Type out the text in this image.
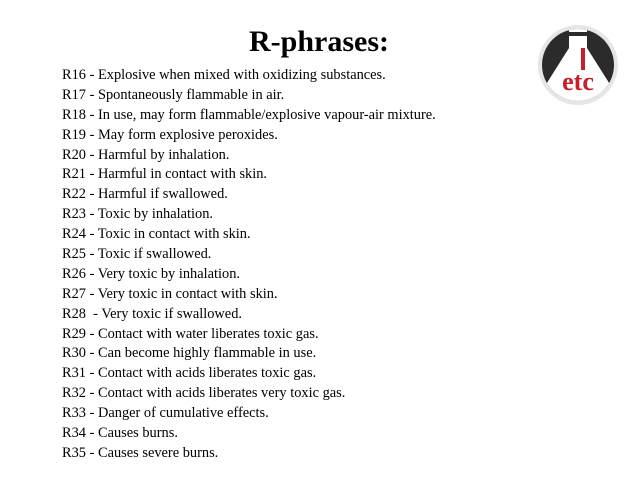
R-phrases:
R16 - Explosive when mixed with oxidizing substances.
R17 - Spontaneously flammable in air.
R18 - In use, may form flammable/explosive vapour-air mixture.
R19 - May form explosive peroxides.
R20 - Harmful by inhalation.
R21 - Harmful in contact with skin.
R22 - Harmful if swallowed.
R23 - Toxic by inhalation.
R24 - Toxic in contact with skin.
R25 - Toxic if swallowed.
R26 - Very toxic by inhalation.
R27 - Very toxic in contact with skin.
R28  - Very toxic if swallowed.
R29 - Contact with water liberates toxic gas.
R30 - Can become highly flammable in use.
R31 - Contact with acids liberates toxic gas.
R32 - Contact with acids liberates very toxic gas.
R33 - Danger of cumulative effects.
R34 - Causes burns.
R35 - Causes severe burns.
etc
